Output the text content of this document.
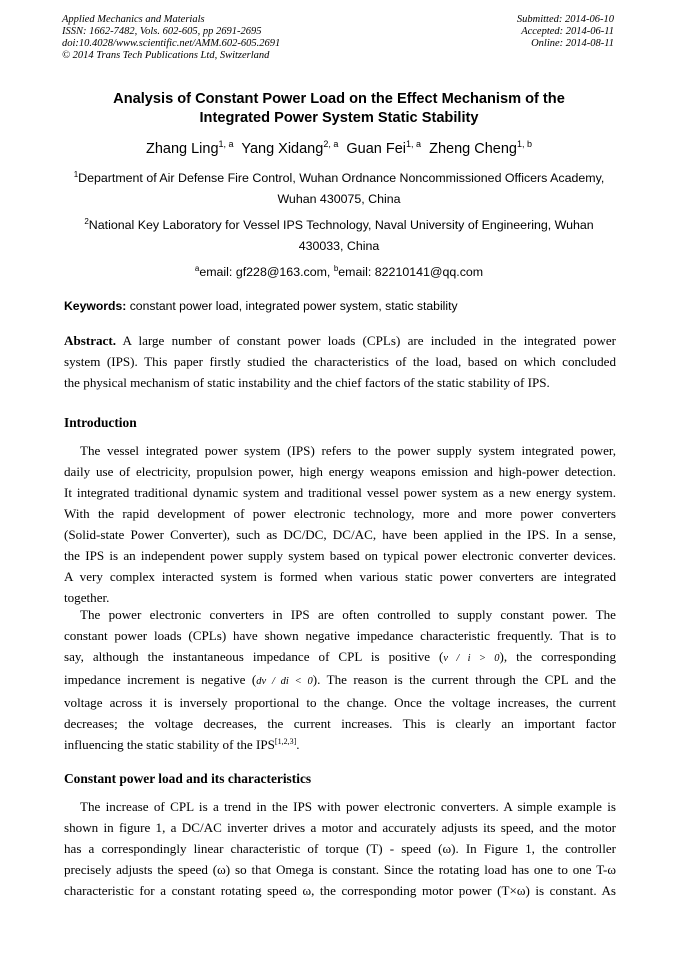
Applied Mechanics and Materials
ISSN: 1662-7482, Vols. 602-605, pp 2691-2695
doi:10.4028/www.scientific.net/AMM.602-605.2691
© 2014 Trans Tech Publications Ltd, Switzerland
Submitted: 2014-06-10
Accepted: 2014-06-11
Online: 2014-08-11
Analysis of Constant Power Load on the Effect Mechanism of the
Integrated Power System Static Stability
Zhang Ling$^{1, a}$ Yang Xidang$^{2, a}$ Guan Fei$^{1, a}$ Zheng Cheng$^{1, b}$
$^1$Department of Air Defense Fire Control, Wuhan Ordnance Noncommissioned Officers Academy,
Wuhan 430075, China
$^2$National Key Laboratory for Vessel IPS Technology, Naval University of Engineering, Wuhan
430033, China
$^a$email: gf228@163.com, $^b$email: 82210141@qq.com
Keywords: constant power load, integrated power system, static stability
Abstract. A large number of constant power loads (CPLs) are included in the integrated power
system (IPS). This paper firstly studied the characteristics of the load, based on which concluded
the physical mechanism of static instability and the chief factors of the static stability of IPS.
Introduction
The vessel integrated power system (IPS) refers to the power supply system integrated power,
daily use of electricity, propulsion power, high energy weapons emission and high-power detection.
It integrated traditional dynamic system and traditional vessel power system as a new energy system.
With the rapid development of power electronic technology, more and more power converters
(Solid-state Power Converter), such as DC/DC, DC/AC, have been applied in the IPS. In a sense,
the IPS is an independent power supply system based on typical power electronic converter devices.
A very complex interacted system is formed when various static power converters are integrated
together.
The power electronic converters in IPS are often controlled to supply constant power. The
constant power loads (CPLs) have shown negative impedance characteristic frequently. That is to
say, although the instantaneous impedance of CPL is positive (v / i > 0), the corresponding
impedance increment is negative (dv / di < 0). The reason is the current through the CPL and the
voltage across it is inversely proportional to the change. Once the voltage increases, the current
decreases; the voltage decreases, the current increases. This is clearly an important factor
influencing the static stability of the IPS[1,2,3].
Constant power load and its characteristics
The increase of CPL is a trend in the IPS with power electronic converters. A simple example is
shown in figure 1, a DC/AC inverter drives a motor and accurately adjusts its speed, and the motor
has a correspondingly linear characteristic of torque (T) - speed (ω). In Figure 1, the controller
precisely adjusts the speed (ω) so that Omega is constant. Since the rotating load has one to one T-ω
characteristic for a constant rotating speed ω, the corresponding motor power (T×ω) is constant. As
